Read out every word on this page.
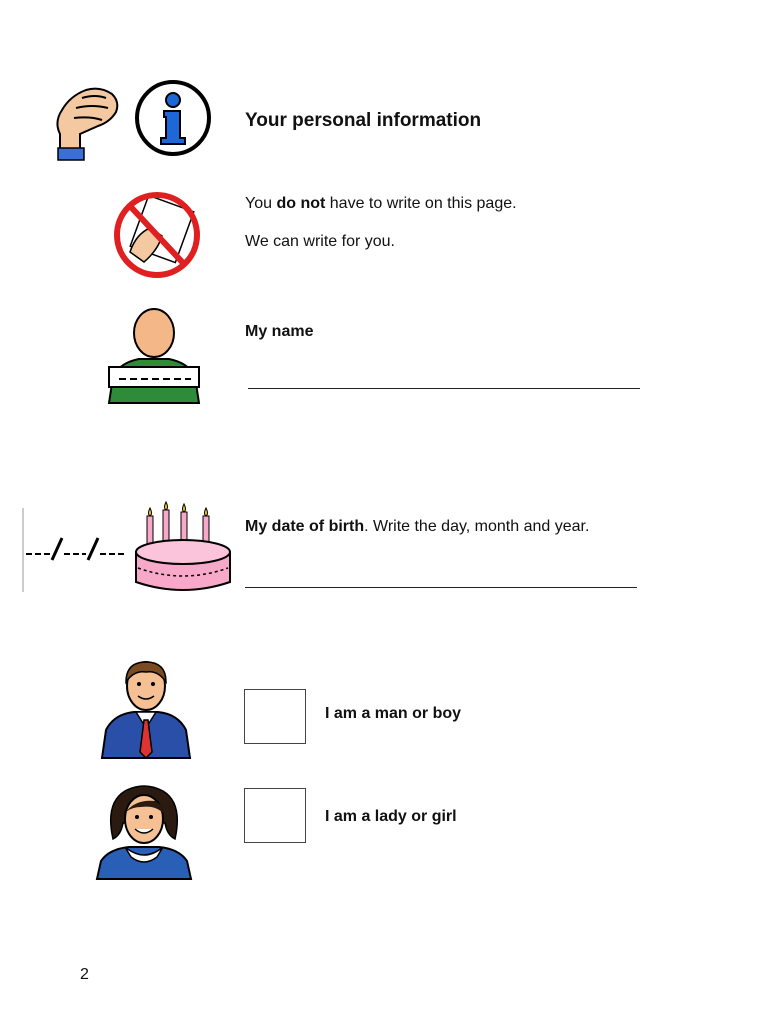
Your personal information
You do not have to write on this page.
We can write for you.
My name
My date of birth. Write the day, month and year.
I am a man or boy
I am a lady or girl
2
